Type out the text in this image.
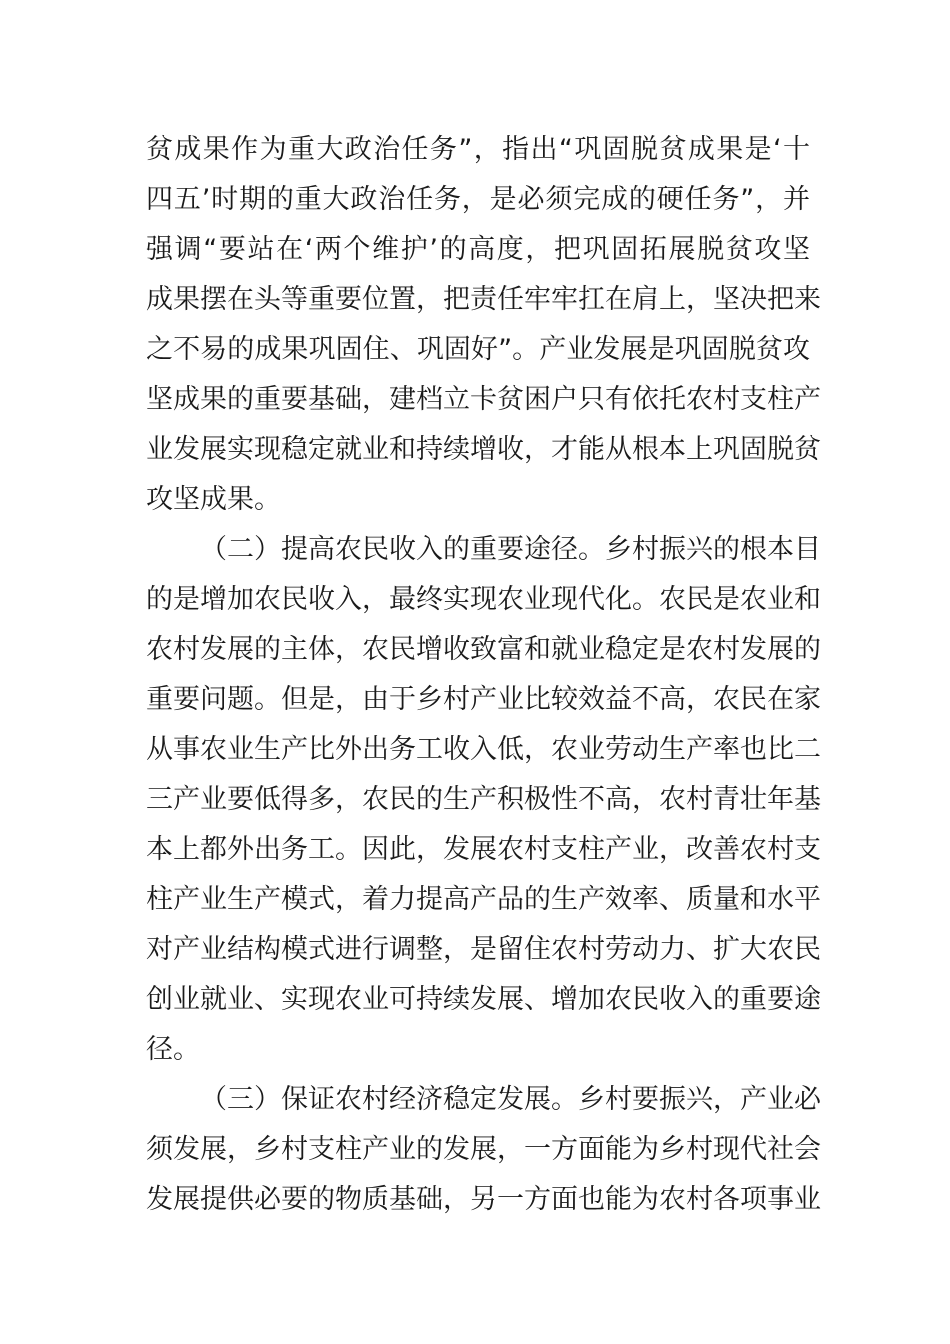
贫成果作为重大政治任务”，指出“巩固脱贫成果是‘十
四五’时期的重大政治任务，是必须完成的硬任务”，并
强调“要站在‘两个维护’的高度，把巩固拓展脱贫攻坚
成果摆在头等重要位置，把责任牢牢扛在肩上，坚决把来
之不易的成果巩固住、巩固好”。产业发展是巩固脱贫攻
坚成果的重要基础，建档立卡贫困户只有依托农村支柱产
业发展实现稳定就业和持续增收，才能从根本上巩固脱贫
攻坚成果。
（二）提高农民收入的重要途径。乡村振兴的根本目
的是增加农民收入，最终实现农业现代化。农民是农业和
农村发展的主体，农民增收致富和就业稳定是农村发展的
重要问题。但是，由于乡村产业比较效益不高，农民在家
从事农业生产比外出务工收入低，农业劳动生产率也比二
三产业要低得多，农民的生产积极性不高，农村青壮年基
本上都外出务工。因此，发展农村支柱产业，改善农村支
柱产业生产模式，着力提高产品的生产效率、质量和水平
对产业结构模式进行调整，是留住农村劳动力、扩大农民
创业就业、实现农业可持续发展、增加农民收入的重要途
径。
（三）保证农村经济稳定发展。乡村要振兴，产业必
须发展，乡村支柱产业的发展，一方面能为乡村现代社会
发展提供必要的物质基础，另一方面也能为农村各项事业
